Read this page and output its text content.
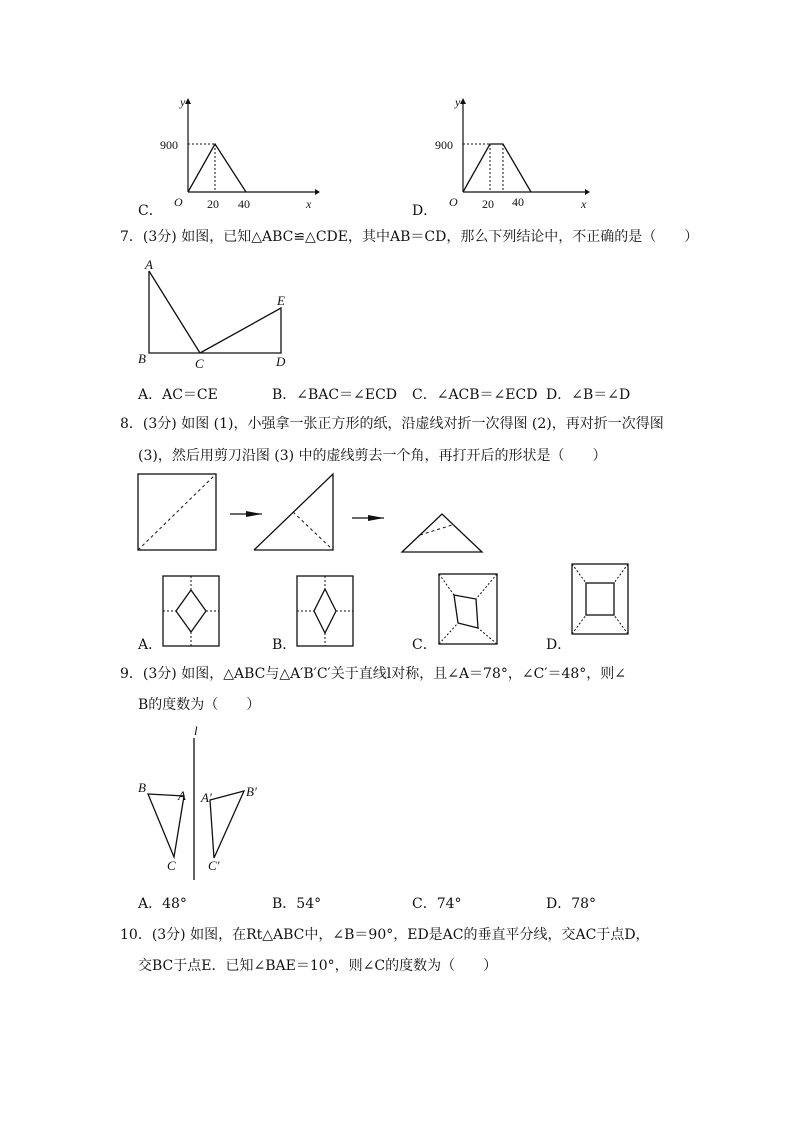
C．
y
900
O 20 40	x	D．
y
900
O 20 40	x
7．(3分) 如图，已知△ABC≌△CDE，其中AB＝CD，那么下列结论中，不正确的是（　　）
A
B	C	D
E
A．AC＝CE	B．∠BAC＝∠ECD C．∠ACB＝∠ECD D．∠B＝∠D
8．(3分) 如图 (1)，小强拿一张正方形的纸，沿虚线对折一次得图 (2)，再对折一次得图
(3)，然后用剪刀沿图 (3) 中的虚线剪去一个角，再打开后的形状是（　　）
A．	B．	C．	D．
9．(3分) 如图，△ABC与△A′B′C′关于直线l对称，且∠A＝78°，∠C′＝48°，则∠
B的度数为（　　）
l
B
A
C
A′	B′
C′
A．48°	B．54°	C．74°	D．78°
10．(3分) 如图，在Rt△ABC中，∠B＝90°，ED是AC的垂直平分线，交AC于点D，
交BC于点E．已知∠BAE＝10°，则∠C的度数为（　　）
